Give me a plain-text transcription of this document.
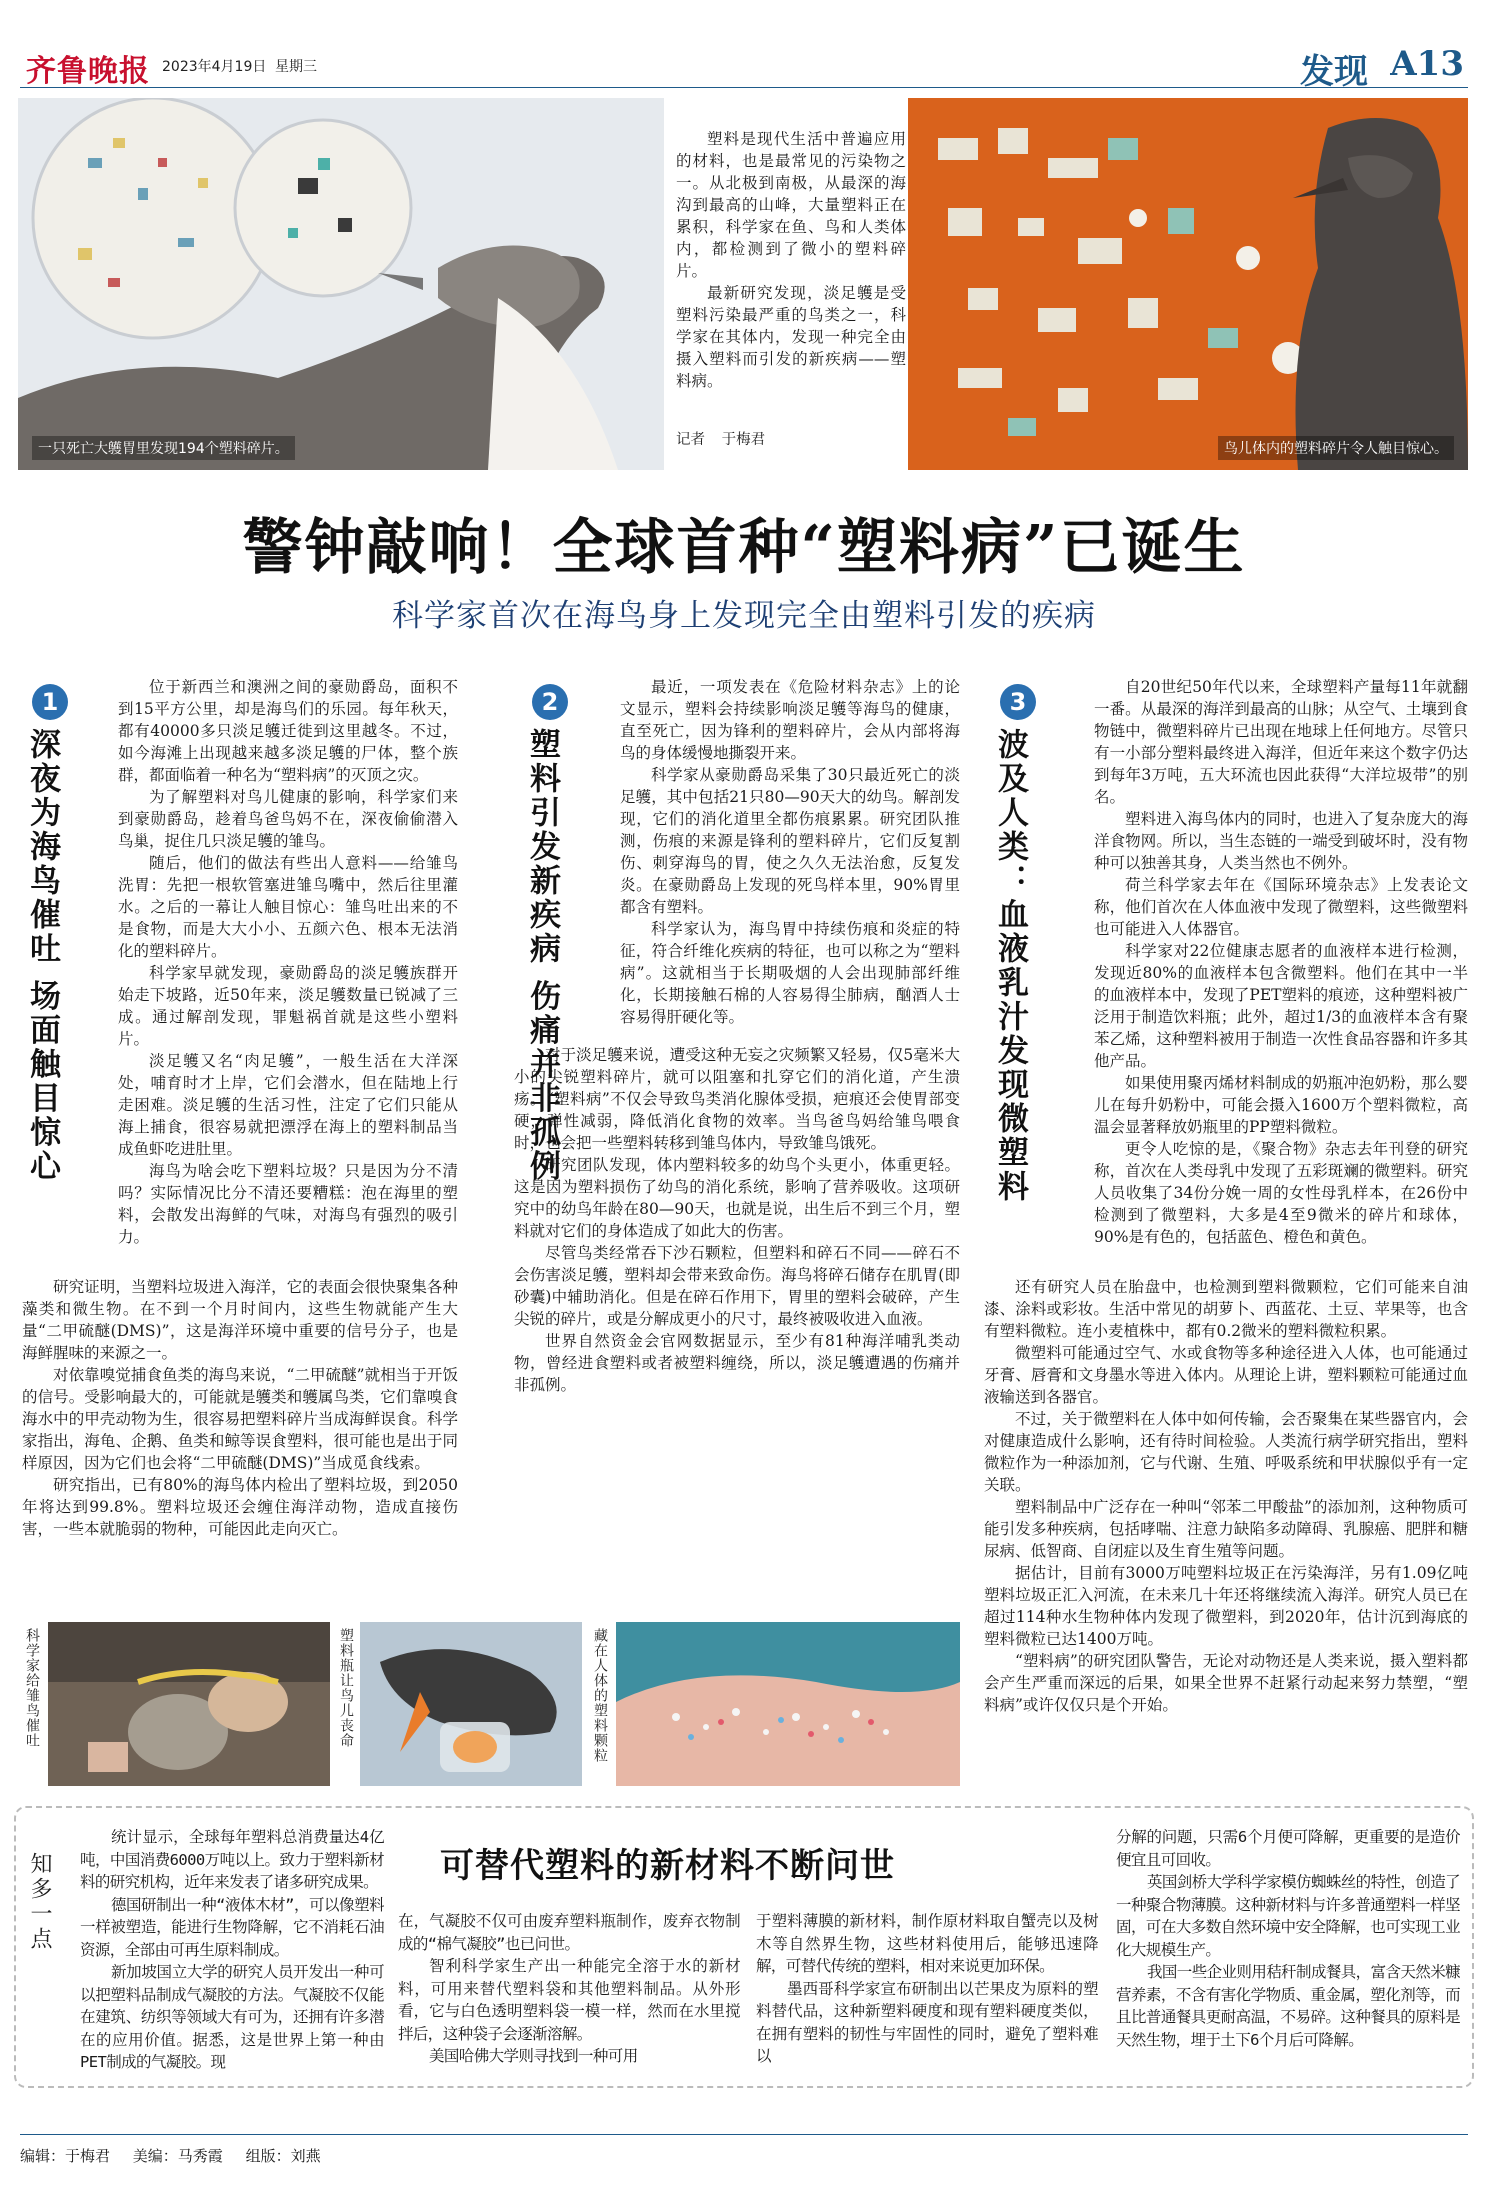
齐鲁晚报 2023年4月19日 星期三	发现 A13
一只死亡大鹱胃里发现194个塑料碎片。

塑料是现代生活中普遍应用的材料，也是最常见的污染物之一。从北极到南极，从最深的海沟到最高的山峰，大量塑料正在累积，科学家在鱼、鸟和人类体内，都检测到了微小的塑料碎片。

最新研究发现，淡足鹱是受塑料污染最严重的鸟类之一，科学家在其体内，发现一种完全由摄入塑料而引发的新疾病——塑料病。

记者 于梅君
鸟儿体内的塑料碎片令人触目惊心。
警钟敲响！全球首种“塑料病”已诞生
科学家首次在海鸟身上发现完全由塑料引发的疾病
1
深夜为海鸟催吐 场面触目惊心

位于新西兰和澳洲之间的豪勋爵岛，面积不到15平方公里，却是海鸟们的乐园。每年秋天，都有40000多只淡足鹱迁徙到这里越冬。不过，如今海滩上出现越来越多淡足鹱的尸体，整个族群，都面临着一种名为“塑料病”的灭顶之灾。

为了解塑料对鸟儿健康的影响，科学家们来到豪勋爵岛，趁着鸟爸鸟妈不在，深夜偷偷潜入鸟巢，捉住几只淡足鹱的雏鸟。

随后，他们的做法有些出人意料——给雏鸟洗胃：先把一根软管塞进雏鸟嘴中，然后往里灌水。之后的一幕让人触目惊心：雏鸟吐出来的不是食物，而是大大小小、五颜六色、根本无法消化的塑料碎片。

科学家早就发现，豪勋爵岛的淡足鹱族群开始走下坡路，近50年来，淡足鹱数量已锐减了三成。通过解剖发现，罪魁祸首就是这些小塑料片。

淡足鹱又名“肉足鹱”，一般生活在大洋深处，哺育时才上岸，它们会潜水，但在陆地上行走困难。淡足鹱的生活习性，注定了它们只能从海上捕食，很容易就把漂浮在海上的塑料制品当成鱼虾吃进肚里。

海鸟为啥会吃下塑料垃圾？只是因为分不清吗？实际情况比分不清还要糟糕：泡在海里的塑料，会散发出海鲜的气味，对海鸟有强烈的吸引力。

研究证明，当塑料垃圾进入海洋，它的表面会很快聚集各种藻类和微生物。在不到一个月时间内，这些生物就能产生大量“二甲硫醚(DMS)”，这是海洋环境中重要的信号分子，也是海鲜腥味的来源之一。

对依靠嗅觉捕食鱼类的海鸟来说，“二甲硫醚”就相当于开饭的信号。受影响最大的，可能就是鹱类和鹱属鸟类，它们靠嗅食海水中的甲壳动物为生，很容易把塑料碎片当成海鲜误食。科学家指出，海龟、企鹅、鱼类和鲸等误食塑料，很可能也是出于同样原因，因为它们也会将“二甲硫醚(DMS)”当成觅食线索。

研究指出，已有80%的海鸟体内检出了塑料垃圾，到2050年将达到99.8%。塑料垃圾还会缠住海洋动物，造成直接伤害，一些本就脆弱的物种，可能因此走向灭亡。

2
塑料引发新疾病 伤痛并非孤例

最近，一项发表在《危险材料杂志》上的论文显示，塑料会持续影响淡足鹱等海鸟的健康，直至死亡，因为锋利的塑料碎片，会从内部将海鸟的身体缓慢地撕裂开来。

科学家从豪勋爵岛采集了30只最近死亡的淡足鹱，其中包括21只80—90天大的幼鸟。解剖发现，它们的消化道里全都伤痕累累。研究团队推测，伤痕的来源是锋利的塑料碎片，它们反复割伤、刺穿海鸟的胃，使之久久无法治愈，反复发炎。在豪勋爵岛上发现的死鸟样本里，90%胃里都含有塑料。

科学家认为，海鸟胃中持续伤痕和炎症的特征，符合纤维化疾病的特征，也可以称之为“塑料病”。这就相当于长期吸烟的人会出现肺部纤维化，长期接触石棉的人容易得尘肺病，酗酒人士容易得肝硬化等。

对于淡足鹱来说，遭受这种无妄之灾频繁又轻易，仅5毫米大小的尖锐塑料碎片，就可以阻塞和扎穿它们的消化道，产生溃疡。“塑料病”不仅会导致鸟类消化腺体受损，疤痕还会使胃部变硬，弹性减弱，降低消化食物的效率。当鸟爸鸟妈给雏鸟喂食时，也会把一些塑料转移到雏鸟体内，导致雏鸟饿死。

研究团队发现，体内塑料较多的幼鸟个头更小，体重更轻。这是因为塑料损伤了幼鸟的消化系统，影响了营养吸收。这项研究中的幼鸟年龄在80—90天，也就是说，出生后不到三个月，塑料就对它们的身体造成了如此大的伤害。

尽管鸟类经常吞下沙石颗粒，但塑料和碎石不同——碎石不会伤害淡足鹱，塑料却会带来致命伤。海鸟将碎石储存在肌胃(即砂囊)中辅助消化。但是在碎石作用下，胃里的塑料会破碎，产生尖锐的碎片，或是分解成更小的尺寸，最终被吸收进入血液。

世界自然资金会官网数据显示，至少有81种海洋哺乳类动物，曾经进食塑料或者被塑料缠绕，所以，淡足鹱遭遇的伤痛并非孤例。

3
波及人类：血液乳汁发现微塑料

自20世纪50年代以来，全球塑料产量每11年就翻一番。从最深的海洋到最高的山脉；从空气、土壤到食物链中，微塑料碎片已出现在地球上任何地方。尽管只有一小部分塑料最终进入海洋，但近年来这个数字仍达到每年3万吨，五大环流也因此获得“大洋垃圾带”的别名。

塑料进入海鸟体内的同时，也进入了复杂庞大的海洋食物网。所以，当生态链的一端受到破坏时，没有物种可以独善其身，人类当然也不例外。

荷兰科学家去年在《国际环境杂志》上发表论文称，他们首次在人体血液中发现了微塑料，这些微塑料也可能进入人体器官。

科学家对22位健康志愿者的血液样本进行检测，发现近80%的血液样本包含微塑料。他们在其中一半的血液样本中，发现了PET塑料的痕迹，这种塑料被广泛用于制造饮料瓶；此外，超过1/3的血液样本含有聚苯乙烯，这种塑料被用于制造一次性食品容器和许多其他产品。

如果使用聚丙烯材料制成的奶瓶冲泡奶粉，那么婴儿在每升奶粉中，可能会摄入1600万个塑料微粒，高温会显著释放奶瓶里的PP塑料微粒。

更令人吃惊的是，《聚合物》杂志去年刊登的研究称，首次在人类母乳中发现了五彩斑斓的微塑料。研究人员收集了34份分娩一周的女性母乳样本，在26份中检测到了微塑料，大多是4至9微米的碎片和球体，90%是有色的，包括蓝色、橙色和黄色。

还有研究人员在胎盘中，也检测到塑料微颗粒，它们可能来自油漆、涂料或彩妆。生活中常见的胡萝卜、西蓝花、土豆、苹果等，也含有塑料微粒。连小麦植株中，都有0.2微米的塑料微粒积累。

微塑料可能通过空气、水或食物等多种途径进入人体，也可能通过牙膏、唇膏和文身墨水等进入体内。从理论上讲，塑料颗粒可能通过血液输送到各器官。

不过，关于微塑料在人体中如何传输，会否聚集在某些器官内，会对健康造成什么影响，还有待时间检验。人类流行病学研究指出，塑料微粒作为一种添加剂，它与代谢、生殖、呼吸系统和甲状腺似乎有一定关联。

塑料制品中广泛存在一种叫“邻苯二甲酸盐”的添加剂，这种物质可能引发多种疾病，包括哮喘、注意力缺陷多动障碍、乳腺癌、肥胖和糖尿病、低智商、自闭症以及生育生殖等问题。

据估计，目前有3000万吨塑料垃圾正在污染海洋，另有1.09亿吨塑料垃圾正汇入河流，在未来几十年还将继续流入海洋。研究人员已在超过114种水生物种体内发现了微塑料，到2020年，估计沉到海底的塑料微粒已达1400万吨。

“塑料病”的研究团队警告，无论对动物还是人类来说，摄入塑料都会产生严重而深远的后果，如果全世界不赶紧行动起来努力禁塑，“塑料病”或许仅仅只是个开始。

科学家给雏鸟催吐	塑料瓶让鸟儿丧命	藏在人体的塑料颗粒
知多一点	可替代塑料的新材料不断问世

统计显示，全球每年塑料总消费量达4亿吨，中国消费6000万吨以上。致力于塑料新材料的研究机构，近年来发表了诸多研究成果。

德国研制出一种“液体木材”，可以像塑料一样被塑造，能进行生物降解，它不消耗石油资源，全部由可再生原料制成。

新加坡国立大学的研究人员开发出一种可以把塑料品制成气凝胶的方法。气凝胶不仅能在建筑、纺织等领域大有可为，还拥有许多潜在的应用价值。据悉，这是世界上第一种由PET制成的气凝胶。现

在，气凝胶不仅可由废弃塑料瓶制作，废弃衣物制成的“棉气凝胶”也已问世。

智利科学家生产出一种能完全溶于水的新材料，可用来替代塑料袋和其他塑料制品。从外形看，它与白色透明塑料袋一模一样，然而在水里搅拌后，这种袋子会逐渐溶解。

美国哈佛大学则寻找到一种可用

于塑料薄膜的新材料，制作原材料取自蟹壳以及树木等自然界生物，这些材料使用后，能够迅速降解，可替代传统的塑料，相对来说更加环保。

墨西哥科学家宣布研制出以芒果皮为原料的塑料替代品，这种新塑料硬度和现有塑料硬度类似，在拥有塑料的韧性与牢固性的同时，避免了塑料难以

分解的问题，只需6个月便可降解，更重要的是造价便宜且可回收。

英国剑桥大学科学家模仿蜘蛛丝的特性，创造了一种聚合物薄膜。这种新材料与许多普通塑料一样坚固，可在大多数自然环境中安全降解，也可实现工业化大规模生产。

我国一些企业则用秸秆制成餐具，富含天然米糠营养素，不含有害化学物质、重金属，塑化剂等，而且比普通餐具更耐高温，不易碎。这种餐具的原料是天然生物，埋于土下6个月后可降解。

编辑：于梅君 美编：马秀霞 组版：刘燕
